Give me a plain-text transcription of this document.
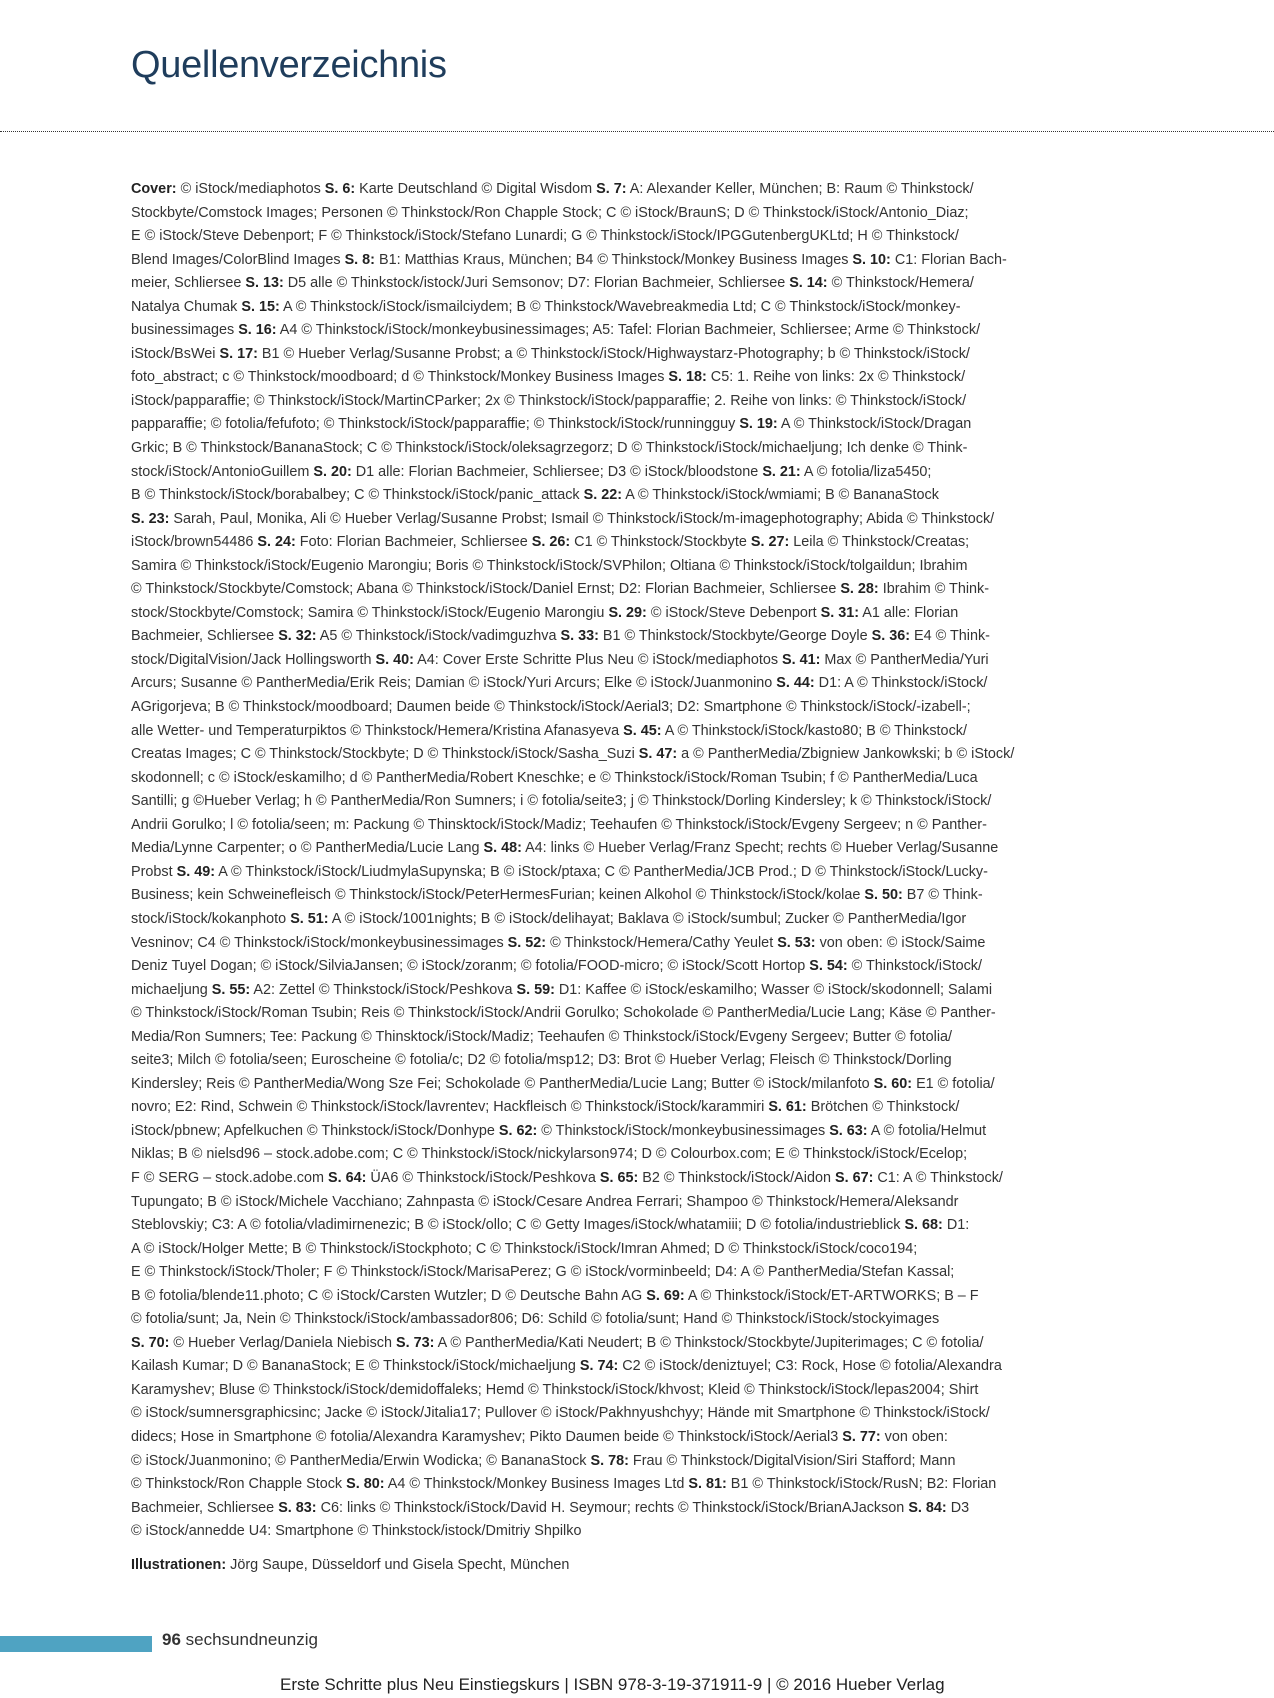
Quellenverzeichnis
Cover: © iStock/mediaphotos S. 6: Karte Deutschland © Digital Wisdom S. 7: A: Alexander Keller, München; B: Raum © Thinkstock/
Stockbyte/Comstock Images; Personen © Thinkstock/Ron Chapple Stock; C © iStock/BraunS; D © Thinkstock/iStock/Antonio_Diaz;
E © iStock/Steve Debenport; F © Thinkstock/iStock/Stefano Lunardi; G © Thinkstock/iStock/IPGGutenbergUKLtd; H © Thinkstock/
Blend Images/ColorBlind Images S. 8: B1: Matthias Kraus, München; B4 © Thinkstock/Monkey Business Images S. 10: C1: Florian Bach-
meier, Schliersee S. 13: D5 alle © Thinkstock/istock/Juri Semsonov; D7: Florian Bachmeier, Schliersee S. 14: © Thinkstock/Hemera/
Natalya Chumak S. 15: A © Thinkstock/iStock/ismailciydem; B © Thinkstock/Wavebreakmedia Ltd; C © Thinkstock/iStock/monkey-
businessimages S. 16: A4 © Thinkstock/iStock/monkeybusinessimages; A5: Tafel: Florian Bachmeier, Schliersee; Arme © Thinkstock/
iStock/BsWei S. 17: B1 © Hueber Verlag/Susanne Probst; a © Thinkstock/iStock/Highwaystarz-Photography; b © Thinkstock/iStock/
foto_abstract; c © Thinkstock/moodboard; d © Thinkstock/Monkey Business Images S. 18: C5: 1. Reihe von links: 2x © Thinkstock/
iStock/papparaffie; © Thinkstock/iStock/MartinCParker; 2x © Thinkstock/iStock/papparaffie; 2. Reihe von links: © Thinkstock/iStock/
papparaffie; © fotolia/fefufoto; © Thinkstock/iStock/papparaffie; © Thinkstock/iStock/runningguy S. 19: A © Thinkstock/iStock/Dragan
Grkic; B © Thinkstock/BananaStock; C © Thinkstock/iStock/oleksagrzegorz; D © Thinkstock/iStock/michaeljung; Ich denke © Think-
stock/iStock/AntonioGuillem S. 20: D1 alle: Florian Bachmeier, Schliersee; D3 © iStock/bloodstone S. 21: A © fotolia/liza5450;
B © Thinkstock/iStock/borabalbey; C © Thinkstock/iStock/panic_attack S. 22: A © Thinkstock/iStock/wmiami; B © BananaStock
S. 23: Sarah, Paul, Monika, Ali © Hueber Verlag/Susanne Probst; Ismail © Thinkstock/iStock/m-imagephotography; Abida © Thinkstock/
iStock/brown54486 S. 24: Foto: Florian Bachmeier, Schliersee S. 26: C1 © Thinkstock/Stockbyte S. 27: Leila © Thinkstock/Creatas;
Samira © Thinkstock/iStock/Eugenio Marongiu; Boris © Thinkstock/iStock/SVPhilon; Oltiana © Thinkstock/iStock/tolgaildun; Ibrahim
© Thinkstock/Stockbyte/Comstock; Abana © Thinkstock/iStock/Daniel Ernst; D2: Florian Bachmeier, Schliersee S. 28: Ibrahim © Think-
stock/Stockbyte/Comstock; Samira © Thinkstock/iStock/Eugenio Marongiu S. 29: © iStock/Steve Debenport S. 31: A1 alle: Florian
Bachmeier, Schliersee S. 32: A5 © Thinkstock/iStock/vadimguzhva S. 33: B1 © Thinkstock/Stockbyte/George Doyle S. 36: E4 © Think-
stock/DigitalVision/Jack Hollingsworth S. 40: A4: Cover Erste Schritte Plus Neu © iStock/mediaphotos S. 41: Max © PantherMedia/Yuri
Arcurs; Susanne © PantherMedia/Erik Reis; Damian © iStock/Yuri Arcurs; Elke © iStock/Juanmonino S. 44: D1: A © Thinkstock/iStock/
AGrigorjeva; B © Thinkstock/moodboard; Daumen beide © Thinkstock/iStock/Aerial3; D2: Smartphone © Thinkstock/iStock/-izabell-;
alle Wetter- und Temperaturpiktos © Thinkstock/Hemera/Kristina Afanasyeva S. 45: A © Thinkstock/iStock/kasto80; B © Thinkstock/
Creatas Images; C © Thinkstock/Stockbyte; D © Thinkstock/iStock/Sasha_Suzi S. 47: a © PantherMedia/Zbigniew Jankowkski; b © iStock/
skodonnell; c © iStock/eskamilho; d © PantherMedia/Robert Kneschke; e © Thinkstock/iStock/Roman Tsubin; f © PantherMedia/Luca
Santilli; g ©Hueber Verlag; h © PantherMedia/Ron Sumners; i © fotolia/seite3; j © Thinkstock/Dorling Kindersley; k © Thinkstock/iStock/
Andrii Gorulko; l © fotolia/seen; m: Packung © Thinsktock/iStock/Madiz; Teehaufen © Thinkstock/iStock/Evgeny Sergeev; n © Panther-
Media/Lynne Carpenter; o © PantherMedia/Lucie Lang S. 48: A4: links © Hueber Verlag/Franz Specht; rechts © Hueber Verlag/Susanne
Probst S. 49: A © Thinkstock/iStock/LiudmylaSupynska; B © iStock/ptaxa; C © PantherMedia/JCB Prod.; D © Thinkstock/iStock/Lucky-
Business; kein Schweinefleisch © Thinkstock/iStock/PeterHermesFurian; keinen Alkohol © Thinkstock/iStock/kolae S. 50: B7 © Think-
stock/iStock/kokanphoto S. 51: A © iStock/1001nights; B © iStock/delihayat; Baklava © iStock/sumbul; Zucker © PantherMedia/Igor
Vesninov; C4 © Thinkstock/iStock/monkeybusinessimages S. 52: © Thinkstock/Hemera/Cathy Yeulet S. 53: von oben: © iStock/Saime
Deniz Tuyel Dogan; © iStock/SilviaJansen; © iStock/zoranm; © fotolia/FOOD-micro; © iStock/Scott Hortop S. 54: © Thinkstock/iStock/
michaeljung S. 55: A2: Zettel © Thinkstock/iStock/Peshkova S. 59: D1: Kaffee © iStock/eskamilho; Wasser © iStock/skodonnell; Salami
© Thinkstock/iStock/Roman Tsubin; Reis © Thinkstock/iStock/Andrii Gorulko; Schokolade © PantherMedia/Lucie Lang; Käse © Panther-
Media/Ron Sumners; Tee: Packung © Thinsktock/iStock/Madiz; Teehaufen © Thinkstock/iStock/Evgeny Sergeev; Butter © fotolia/
seite3; Milch © fotolia/seen; Euroscheine © fotolia/c; D2 © fotolia/msp12; D3: Brot © Hueber Verlag; Fleisch © Thinkstock/Dorling
Kindersley; Reis © PantherMedia/Wong Sze Fei; Schokolade © PantherMedia/Lucie Lang; Butter © iStock/milanfoto S. 60: E1 © fotolia/
novro; E2: Rind, Schwein © Thinkstock/iStock/lavrentev; Hackfleisch © Thinkstock/iStock/karammiri S. 61: Brötchen © Thinkstock/
iStock/pbnew; Apfelkuchen © Thinkstock/iStock/Donhype S. 62: © Thinkstock/iStock/monkeybusinessimages S. 63: A © fotolia/Helmut
Niklas; B © nielsd96 – stock.adobe.com; C © Thinkstock/iStock/nickylarson974; D © Colourbox.com; E © Thinkstock/iStock/Ecelop;
F © SERG – stock.adobe.com S. 64: ÜA6 © Thinkstock/iStock/Peshkova S. 65: B2 © Thinkstock/iStock/Aidon S. 67: C1: A © Thinkstock/
Tupungato; B © iStock/Michele Vacchiano; Zahnpasta © iStock/Cesare Andrea Ferrari; Shampoo © Thinkstock/Hemera/Aleksandr
Steblovskiy; C3: A © fotolia/vladimirnenezic; B © iStock/ollo; C © Getty Images/iStock/whatamiii; D © fotolia/industrieblick S. 68: D1:
A © iStock/Holger Mette; B © Thinkstock/iStockphoto; C © Thinkstock/iStock/Imran Ahmed; D © Thinkstock/iStock/coco194;
E © Thinkstock/iStock/Tholer; F © Thinkstock/iStock/MarisaPerez; G © iStock/vorminbeeld; D4: A © PantherMedia/Stefan Kassal;
B © fotolia/blende11.photo; C © iStock/Carsten Wutzler; D © Deutsche Bahn AG S. 69: A © Thinkstock/iStock/ET-ARTWORKS; B – F
© fotolia/sunt; Ja, Nein © Thinkstock/iStock/ambassador806; D6: Schild © fotolia/sunt; Hand © Thinkstock/iStock/stockyimages
S. 70: © Hueber Verlag/Daniela Niebisch S. 73: A © PantherMedia/Kati Neudert; B © Thinkstock/Stockbyte/Jupiterimages; C © fotolia/
Kailash Kumar; D © BananaStock; E © Thinkstock/iStock/michaeljung S. 74: C2 © iStock/deniztuyel; C3: Rock, Hose © fotolia/Alexandra
Karamyshev; Bluse © Thinkstock/iStock/demidoffaleks; Hemd © Thinkstock/iStock/khvost; Kleid © Thinkstock/iStock/lepas2004; Shirt
© iStock/sumnersgraphicsinc; Jacke © iStock/Jitalia17; Pullover © iStock/Pakhnyushchyy; Hände mit Smartphone © Thinkstock/iStock/
didecs; Hose in Smartphone © fotolia/Alexandra Karamyshev; Pikto Daumen beide © Thinkstock/iStock/Aerial3 S. 77: von oben:
© iStock/Juanmonino; © PantherMedia/Erwin Wodicka; © BananaStock S. 78: Frau © Thinkstock/DigitalVision/Siri Stafford; Mann
© Thinkstock/Ron Chapple Stock S. 80: A4 © Thinkstock/Monkey Business Images Ltd S. 81: B1 © Thinkstock/iStock/RusN; B2: Florian
Bachmeier, Schliersee S. 83: C6: links © Thinkstock/iStock/David H. Seymour; rechts © Thinkstock/iStock/BrianAJackson S. 84: D3
© iStock/annedde U4: Smartphone © Thinkstock/istock/Dmitriy Shpilko

Illustrationen: Jörg Saupe, Düsseldorf und Gisela Specht, München

96 sechsundneunzig
Erste Schritte plus Neu Einstiegskurs | ISBN 978-3-19-371911-9 | © 2016 Hueber Verlag
